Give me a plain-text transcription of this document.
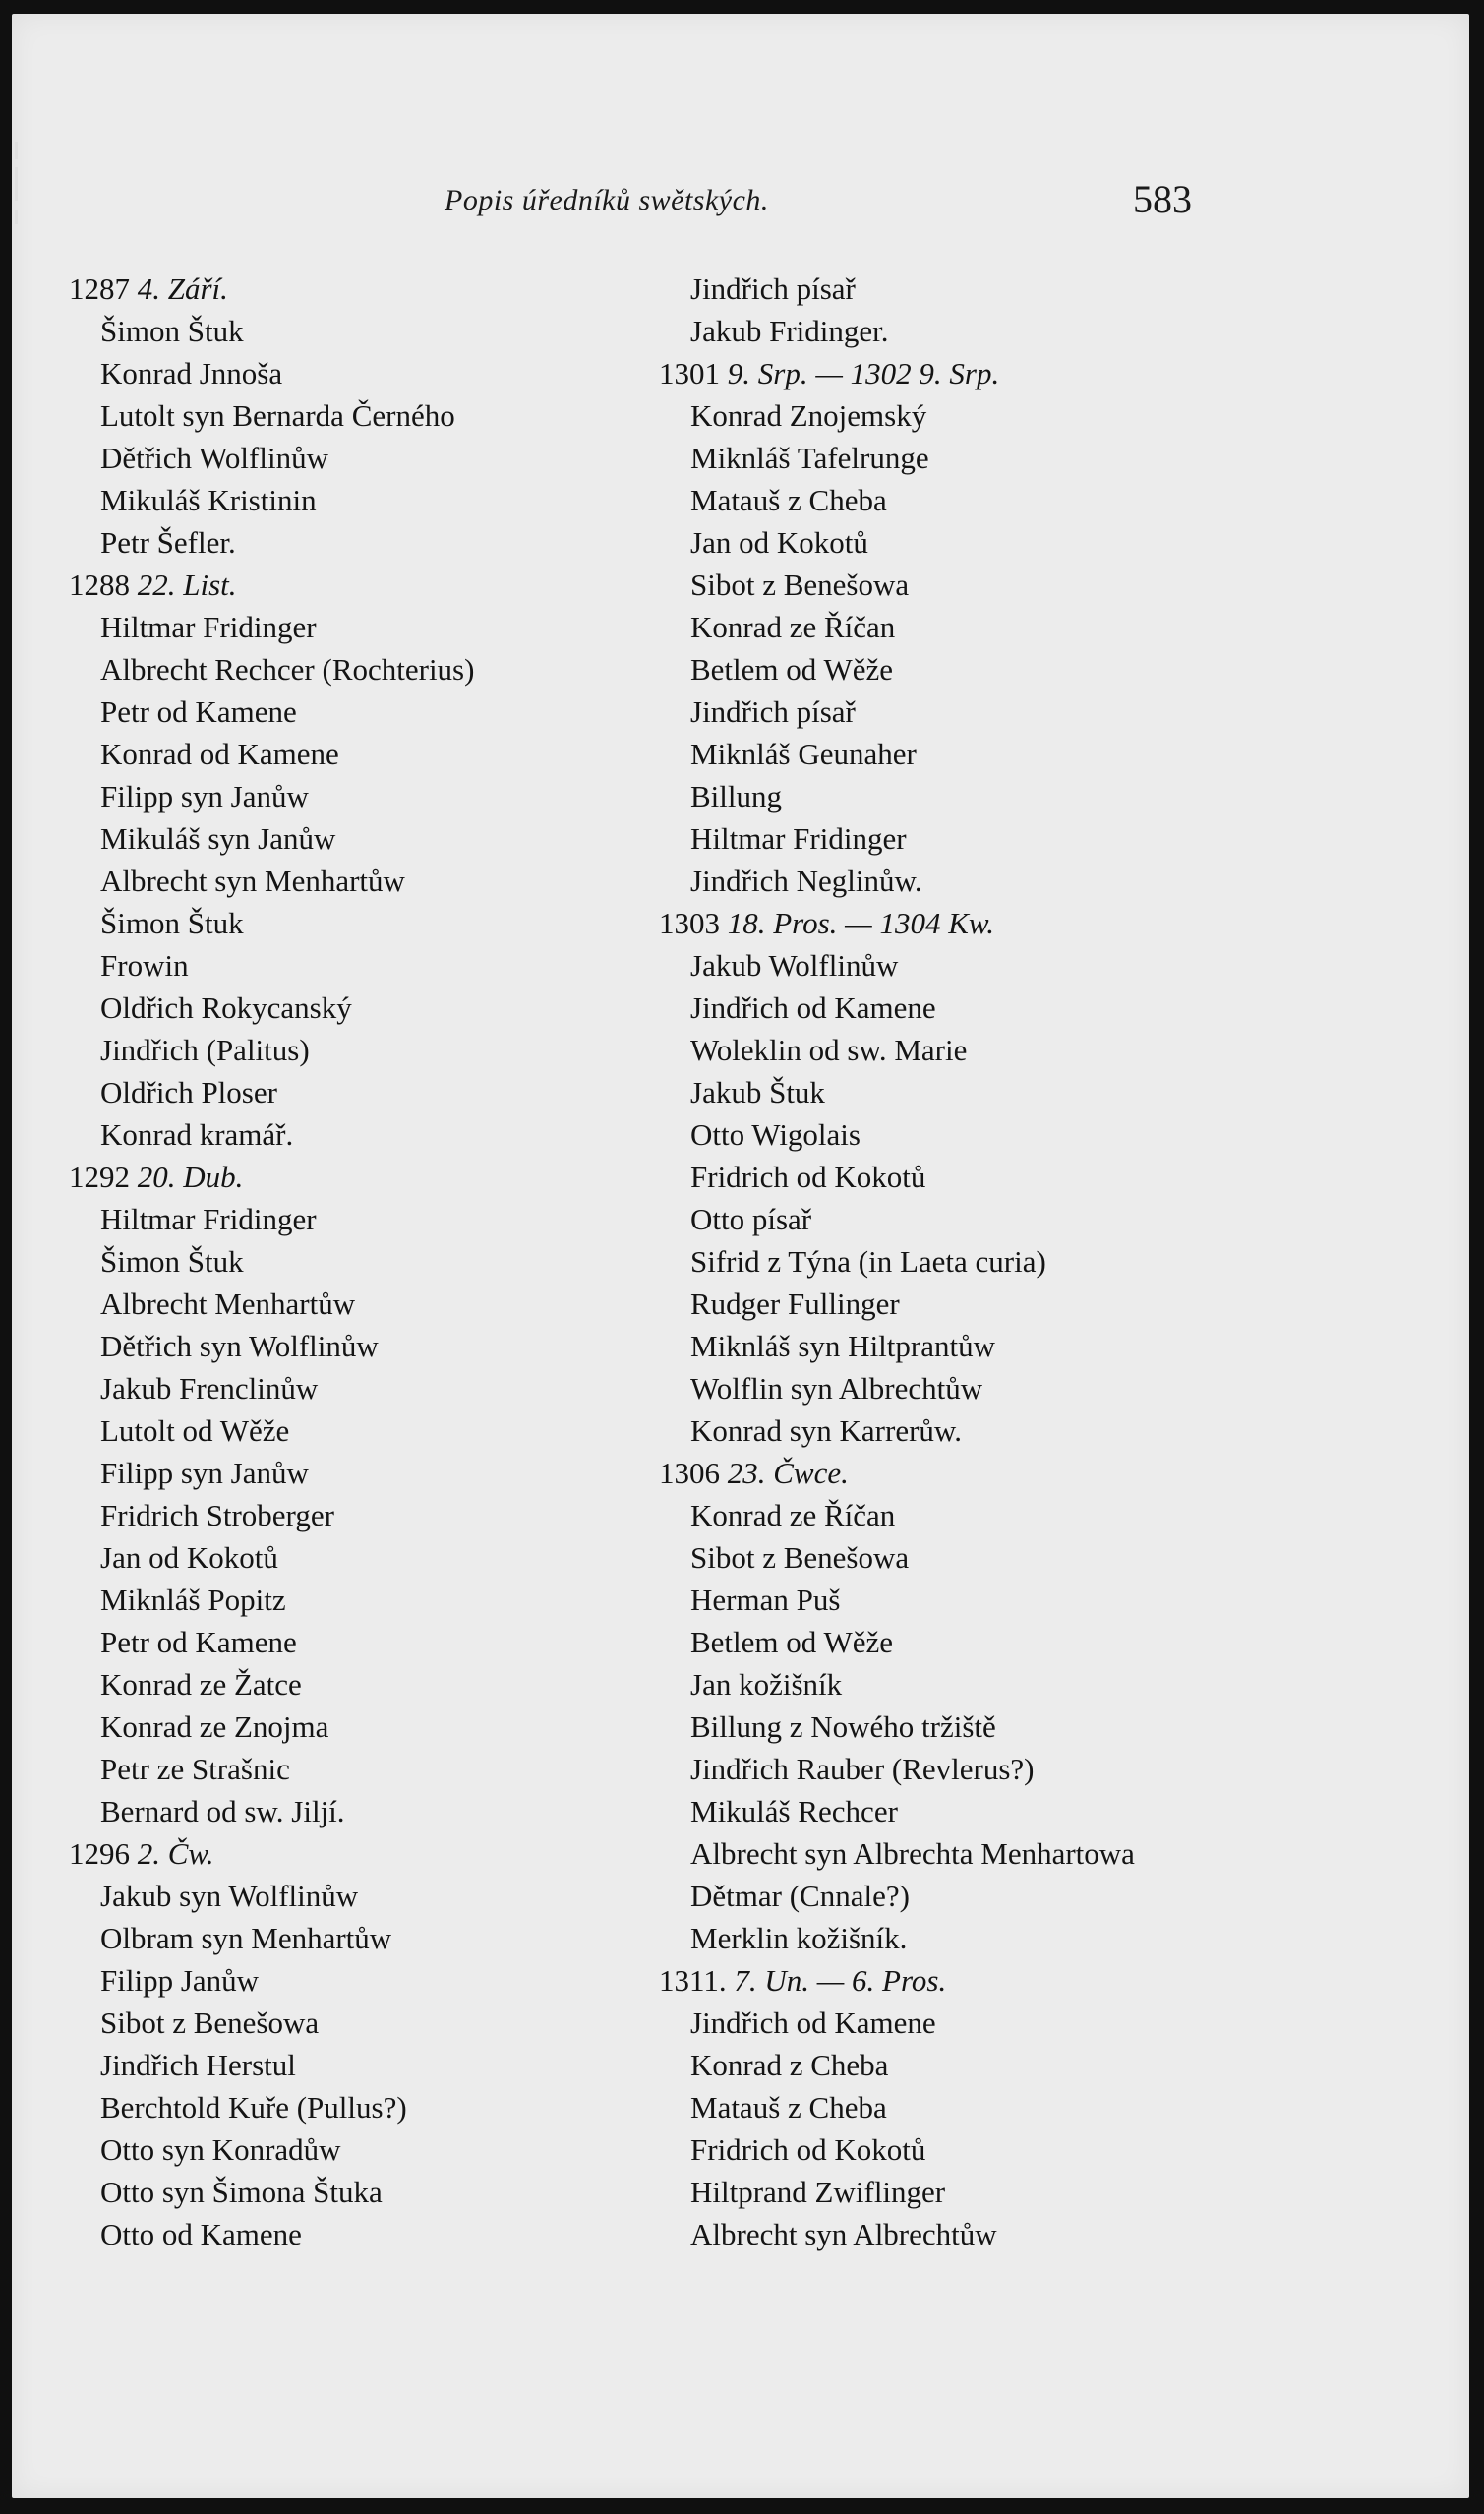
Popis úředníků swětských.	583
1287 4. Září.
Šimon Štuk
Konrad Jnnoša
Lutolt syn Bernarda Černého
Dětřich Wolflinůw
Mikuláš Kristinin
Petr Šefler.
1288 22. List.
Hiltmar Fridinger
Albrecht Rechcer (Rochterius)
Petr od Kamene
Konrad od Kamene
Filipp syn Janůw
Mikuláš syn Janůw
Albrecht syn Menhartůw
Šimon Štuk
Frowin
Oldřich Rokycanský
Jindřich (Palitus)
Oldřich Ploser
Konrad kramář.
1292 20. Dub.
Hiltmar Fridinger
Šimon Štuk
Albrecht Menhartůw
Dětřich syn Wolflinůw
Jakub Frenclinůw
Lutolt od Wěže
Filipp syn Janůw
Fridrich Stroberger
Jan od Kokotů
Miknláš Popitz
Petr od Kamene
Konrad ze Žatce
Konrad ze Znojma
Petr ze Strašnic
Bernard od sw. Jiljí.
1296 2. Čw.
Jakub syn Wolflinůw
Olbram syn Menhartůw
Filipp Janůw
Sibot z Benešowa
Jindřich Herstul
Berchtold Kuře (Pullus?)
Otto syn Konradůw
Otto syn Šimona Štuka
Otto od Kamene
Jindřich písař
Jakub Fridinger.
1301 9. Srp. — 1302 9. Srp.
Konrad Znojemský
Miknláš Tafelrunge
Matauš z Cheba
Jan od Kokotů
Sibot z Benešowa
Konrad ze Říčan
Betlem od Wěže
Jindřich písař
Miknláš Geunaher
Billung
Hiltmar Fridinger
Jindřich Neglinůw.
1303 18. Pros. — 1304 Kw.
Jakub Wolflinůw
Jindřich od Kamene
Woleklin od sw. Marie
Jakub Štuk
Otto Wigolais
Fridrich od Kokotů
Otto písař
Sifrid z Týna (in Laeta curia)
Rudger Fullinger
Miknláš syn Hiltprantůw
Wolflin syn Albrechtůw
Konrad syn Karrerůw.
1306 23. Čwce.
Konrad ze Říčan
Sibot z Benešowa
Herman Puš
Betlem od Wěže
Jan kožišník
Billung z Nowého tržiště
Jindřich Rauber (Revlerus?)
Mikuláš Rechcer
Albrecht syn Albrechta Menhartowa
Dětmar (Cnnale?)
Merklin kožišník.
1311. 7. Un. — 6. Pros.
Jindřich od Kamene
Konrad z Cheba
Matauš z Cheba
Fridrich od Kokotů
Hiltprand Zwiflinger
Albrecht syn Albrechtůw
